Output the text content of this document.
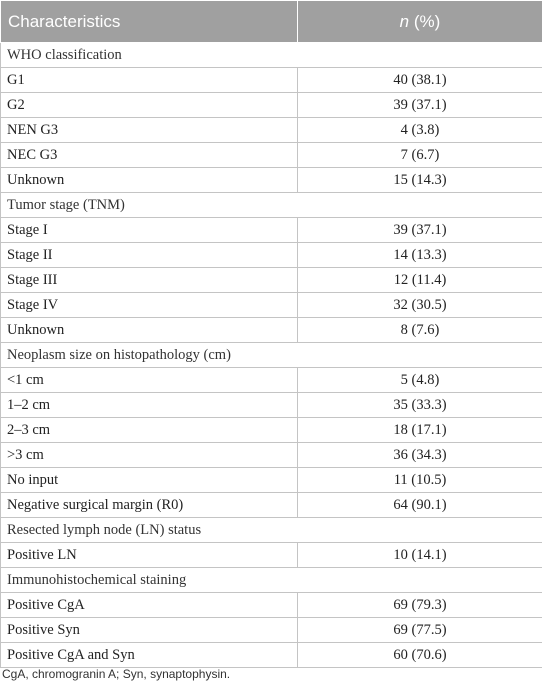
Characteristics	n (%)
WHO classification	
G1	40 (38.1)
G2	39 (37.1)
NEN G3	4 (3.8)
NEC G3	7 (6.7)
Unknown	15 (14.3)
Tumor stage (TNM)	
Stage I	39 (37.1)
Stage II	14 (13.3)
Stage III	12 (11.4)
Stage IV	32 (30.5)
Unknown	8 (7.6)
Neoplasm size on histopathology (cm)	
<1 cm	5 (4.8)
1–2 cm	35 (33.3)
2–3 cm	18 (17.1)
>3 cm	36 (34.3)
No input	11 (10.5)
Negative surgical margin (R0)	64 (90.1)
Resected lymph node (LN) status	
Positive LN	10 (14.1)
Immunohistochemical staining	
Positive CgA	69 (79.3)
Positive Syn	69 (77.5)
Positive CgA and Syn	60 (70.6)
CgA, chromogranin A; Syn, synaptophysin.
